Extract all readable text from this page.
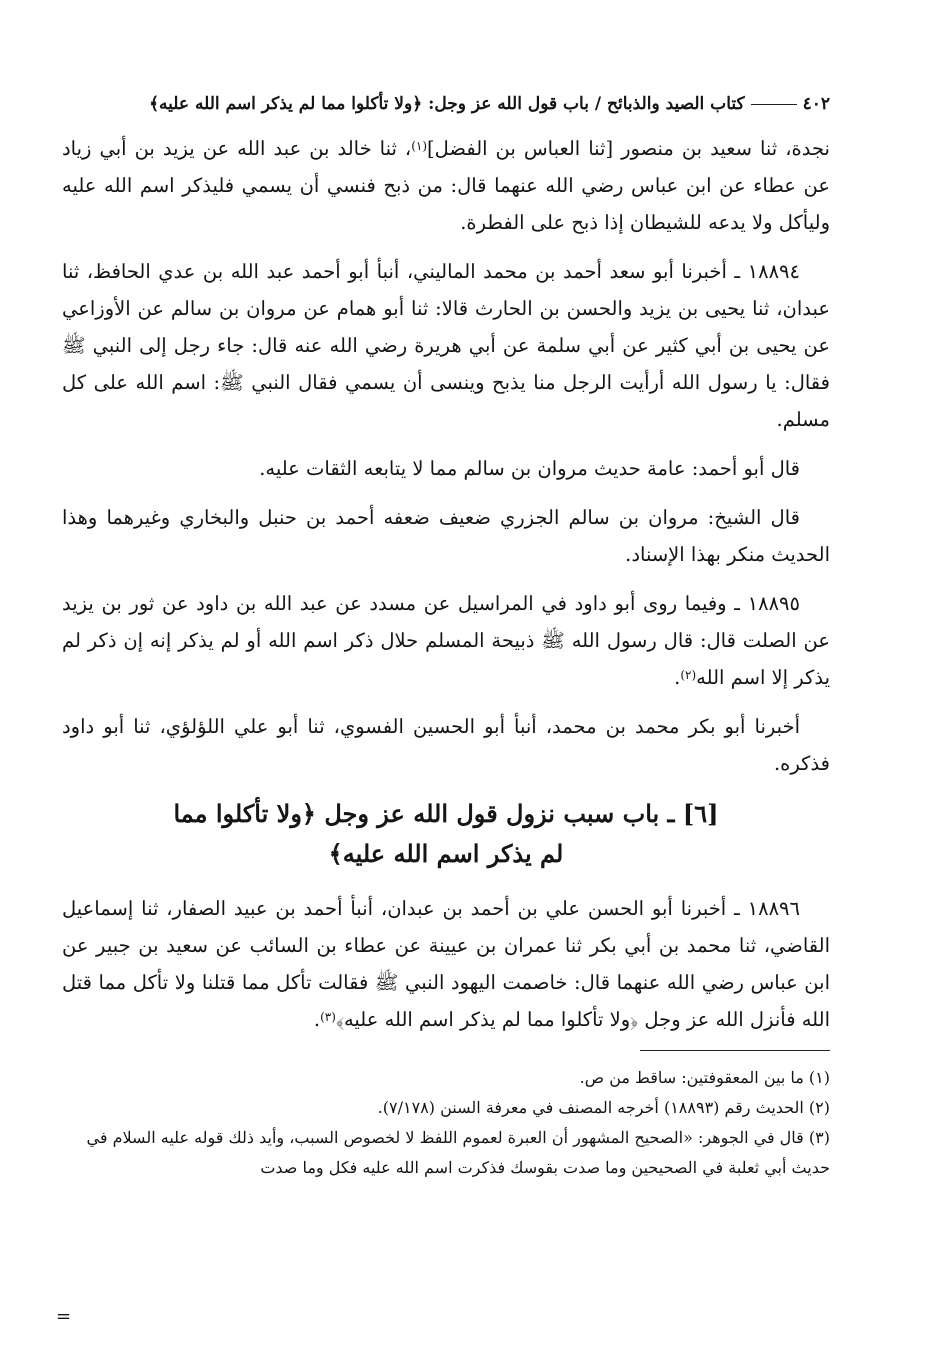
٤٠٢
كتاب الصيد والذبائح / باب قول الله عز وجل: ﴿ولا تأكلوا مما لم يذكر اسم الله عليه﴾

نجدة، ثنا سعيد بن منصور [ثنا العباس بن الفضل]$^{(١)}$، ثنا خالد بن عبد الله عن يزيد بن أبي زياد عن عطاء عن ابن عباس رضي الله عنهما قال: من ذبح فنسي أن يسمي فليذكر اسم الله عليه وليأكل ولا يدعه للشيطان إذا ذبح على الفطرة.

١٨٨٩٤ ـ أخبرنا أبو سعد أحمد بن محمد الماليني، أنبأ أبو أحمد عبد الله بن عدي الحافظ، ثنا عبدان، ثنا يحيى بن يزيد والحسن بن الحارث قالا: ثنا أبو همام عن مروان بن سالم عن الأوزاعي عن يحيى بن أبي كثير عن أبي سلمة عن أبي هريرة رضي الله عنه قال: جاء رجل إلى النبي ﷺ فقال: يا رسول الله أرأيت الرجل منا يذبح وينسى أن يسمي فقال النبي ﷺ: اسم الله على كل مسلم.

قال أبو أحمد: عامة حديث مروان بن سالم مما لا يتابعه الثقات عليه.

قال الشيخ: مروان بن سالم الجزري ضعيف ضعفه أحمد بن حنبل والبخاري وغيرهما وهذا الحديث منكر بهذا الإسناد.

١٨٨٩٥ ـ وفيما روى أبو داود في المراسيل عن مسدد عن عبد الله بن داود عن ثور بن يزيد عن الصلت قال: قال رسول الله ﷺ ذبيحة المسلم حلال ذكر اسم الله أو لم يذكر إنه إن ذكر لم يذكر إلا اسم الله$^{(٢)}$.

أخبرنا أبو بكر محمد بن محمد، أنبأ أبو الحسين الفسوي، ثنا أبو علي اللؤلؤي، ثنا أبو داود فذكره.

[٦] ـ باب سبب نزول قول الله عز وجل ﴿ولا تأكلوا مما
لم يذكر اسم الله عليه﴾

١٨٨٩٦ ـ أخبرنا أبو الحسن علي بن أحمد بن عبدان، أنبأ أحمد بن عبيد الصفار، ثنا إسماعيل القاضي، ثنا محمد بن أبي بكر ثنا عمران بن عيينة عن عطاء بن السائب عن سعيد بن جبير عن ابن عباس رضي الله عنهما قال: خاصمت اليهود النبي ﷺ فقالت تأكل مما قتلنا ولا تأكل مما قتل الله فأنزل الله عز وجل ﴿ولا تأكلوا مما لم يذكر اسم الله عليه﴾$^{(٣)}$.

(١) ما بين المعقوفتين: ساقط من ص.

(٢) الحديث رقم (١٨٨٩٣) أخرجه المصنف في معرفة السنن (٧/١٧٨).

(٣) قال في الجوهر: «الصحيح المشهور أن العبرة لعموم اللفظ لا لخصوص السبب، وأيد ذلك قوله عليه السلام في حديث أبي ثعلبة في الصحيحين وما صدت بقوسك فذكرت اسم الله عليه فكل وما صدت

=
